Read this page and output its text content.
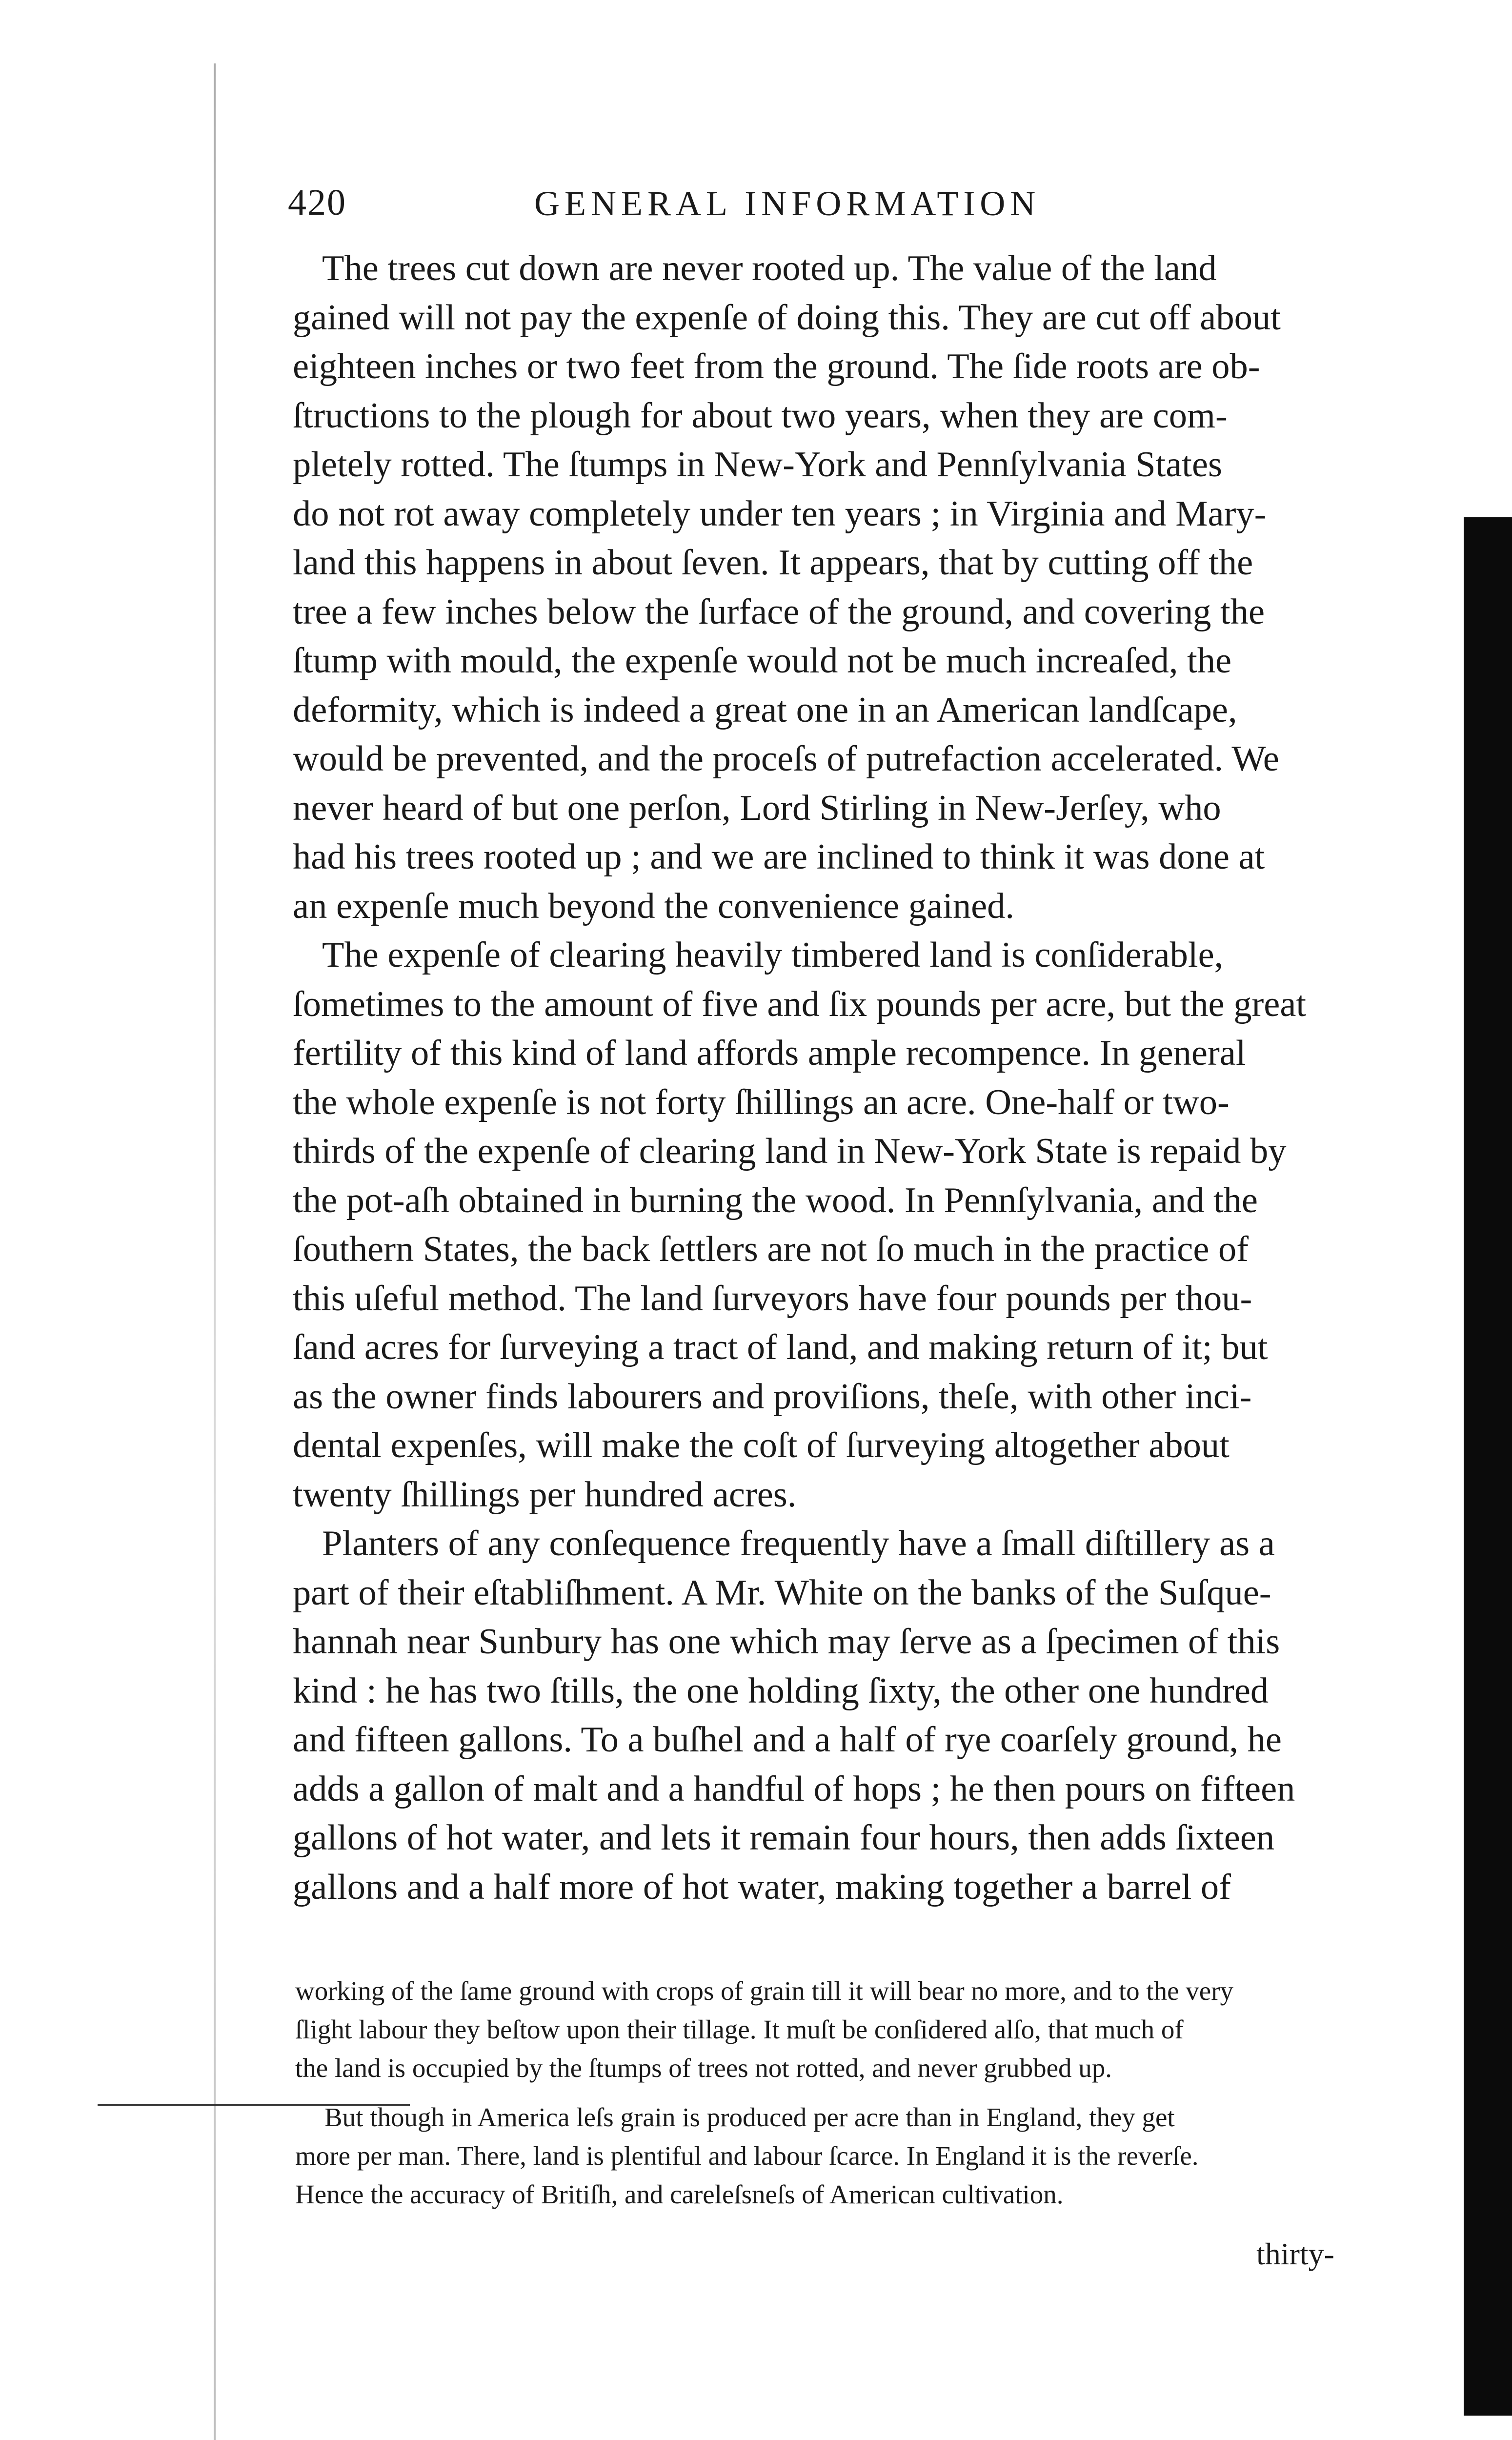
420	GENERAL INFORMATION

The trees cut down are never rooted up. The value of the land
gained will not pay the expenſe of doing this. They are cut off about
eighteen inches or two feet from the ground. The ſide roots are ob-
ſtructions to the plough for about two years, when they are com-
pletely rotted. The ſtumps in New-York and Pennſylvania States
do not rot away completely under ten years ; in Virginia and Mary-
land this happens in about ſeven. It appears, that by cutting off the
tree a few inches below the ſurface of the ground, and covering the
ſtump with mould, the expenſe would not be much increaſed, the
deformity, which is indeed a great one in an American landſcape,
would be prevented, and the proceſs of putrefaction accelerated. We
never heard of but one perſon, Lord Stirling in New-Jerſey, who
had his trees rooted up ; and we are inclined to think it was done at
an expenſe much beyond the convenience gained.

The expenſe of clearing heavily timbered land is conſiderable,
ſometimes to the amount of five and ſix pounds per acre, but the great
fertility of this kind of land affords ample recompence. In general
the whole expenſe is not forty ſhillings an acre. One-half or two-
thirds of the expenſe of clearing land in New-York State is repaid by
the pot-aſh obtained in burning the wood. In Pennſylvania, and the
ſouthern States, the back ſettlers are not ſo much in the practice of
this uſeful method. The land ſurveyors have four pounds per thou-
ſand acres for ſurveying a tract of land, and making return of it; but
as the owner finds labourers and proviſions, theſe, with other inci-
dental expenſes, will make the coſt of ſurveying altogether about
twenty ſhillings per hundred acres.

Planters of any conſequence frequently have a ſmall diſtillery as a
part of their eſtabliſhment. A Mr. White on the banks of the Suſque-
hannah near Sunbury has one which may ſerve as a ſpecimen of this
kind : he has two ſtills, the one holding ſixty, the other one hundred
and fifteen gallons. To a buſhel and a half of rye coarſely ground, he
adds a gallon of malt and a handful of hops ; he then pours on fifteen
gallons of hot water, and lets it remain four hours, then adds ſixteen
gallons and a half more of hot water, making together a barrel of

working of the ſame ground with crops of grain till it will bear no more, and to the very
ſlight labour they beſtow upon their tillage. It muſt be conſidered alſo, that much of
the land is occupied by the ſtumps of trees not rotted, and never grubbed up.

But though in America leſs grain is produced per acre than in England, they get
more per man. There, land is plentiful and labour ſcarce. In England it is the reverſe.
Hence the accuracy of Britiſh, and careleſsneſs of American cultivation.

thirty-
